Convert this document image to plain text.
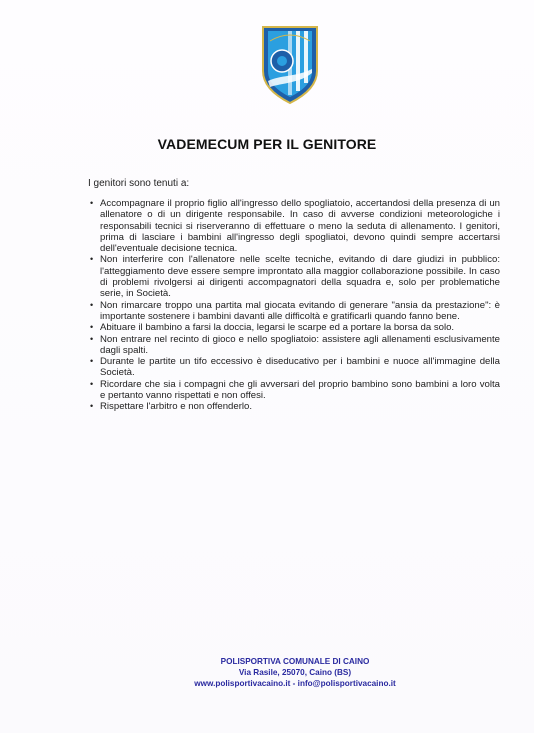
VADEMECUM PER IL GENITORE
I genitori sono tenuti a:
• Accompagnare il proprio figlio all'ingresso dello spogliatoio, accertandosi della presenza di un allenatore o di un dirigente responsabile. In caso di avverse condizioni meteorologiche i responsabili tecnici si riserveranno di effettuare o meno la seduta di allenamento. I genitori, prima di lasciare i bambini all'ingresso degli spogliatoi, devono quindi sempre accertarsi dell'eventuale decisione tecnica.
• Non interferire con l'allenatore nelle scelte tecniche, evitando di dare giudizi in pubblico: l'atteggiamento deve essere sempre improntato alla maggior collaborazione possibile. In caso di problemi rivolgersi ai dirigenti accompagnatori della squadra e, solo per problematiche serie, in Società.
• Non rimarcare troppo una partita mal giocata evitando di generare "ansia da prestazione": è importante sostenere i bambini davanti alle difficoltà e gratificarli quando fanno bene.
• Abituare il bambino a farsi la doccia, legarsi le scarpe ed a portare la borsa da solo.
• Non entrare nel recinto di gioco e nello spogliatoio: assistere agli allenamenti esclusivamente dagli spalti.
• Durante le partite un tifo eccessivo è diseducativo per i bambini e nuoce all'immagine della Società.
• Ricordare che sia i compagni che gli avversari del proprio bambino sono bambini a loro volta e pertanto vanno rispettati e non offesi.
• Rispettare l'arbitro e non offenderlo.
POLISPORTIVA COMUNALE DI CAINO
Via Rasile, 25070, Caino (BS)
www.polisportivacaino.it - info@polisportivacaino.it
